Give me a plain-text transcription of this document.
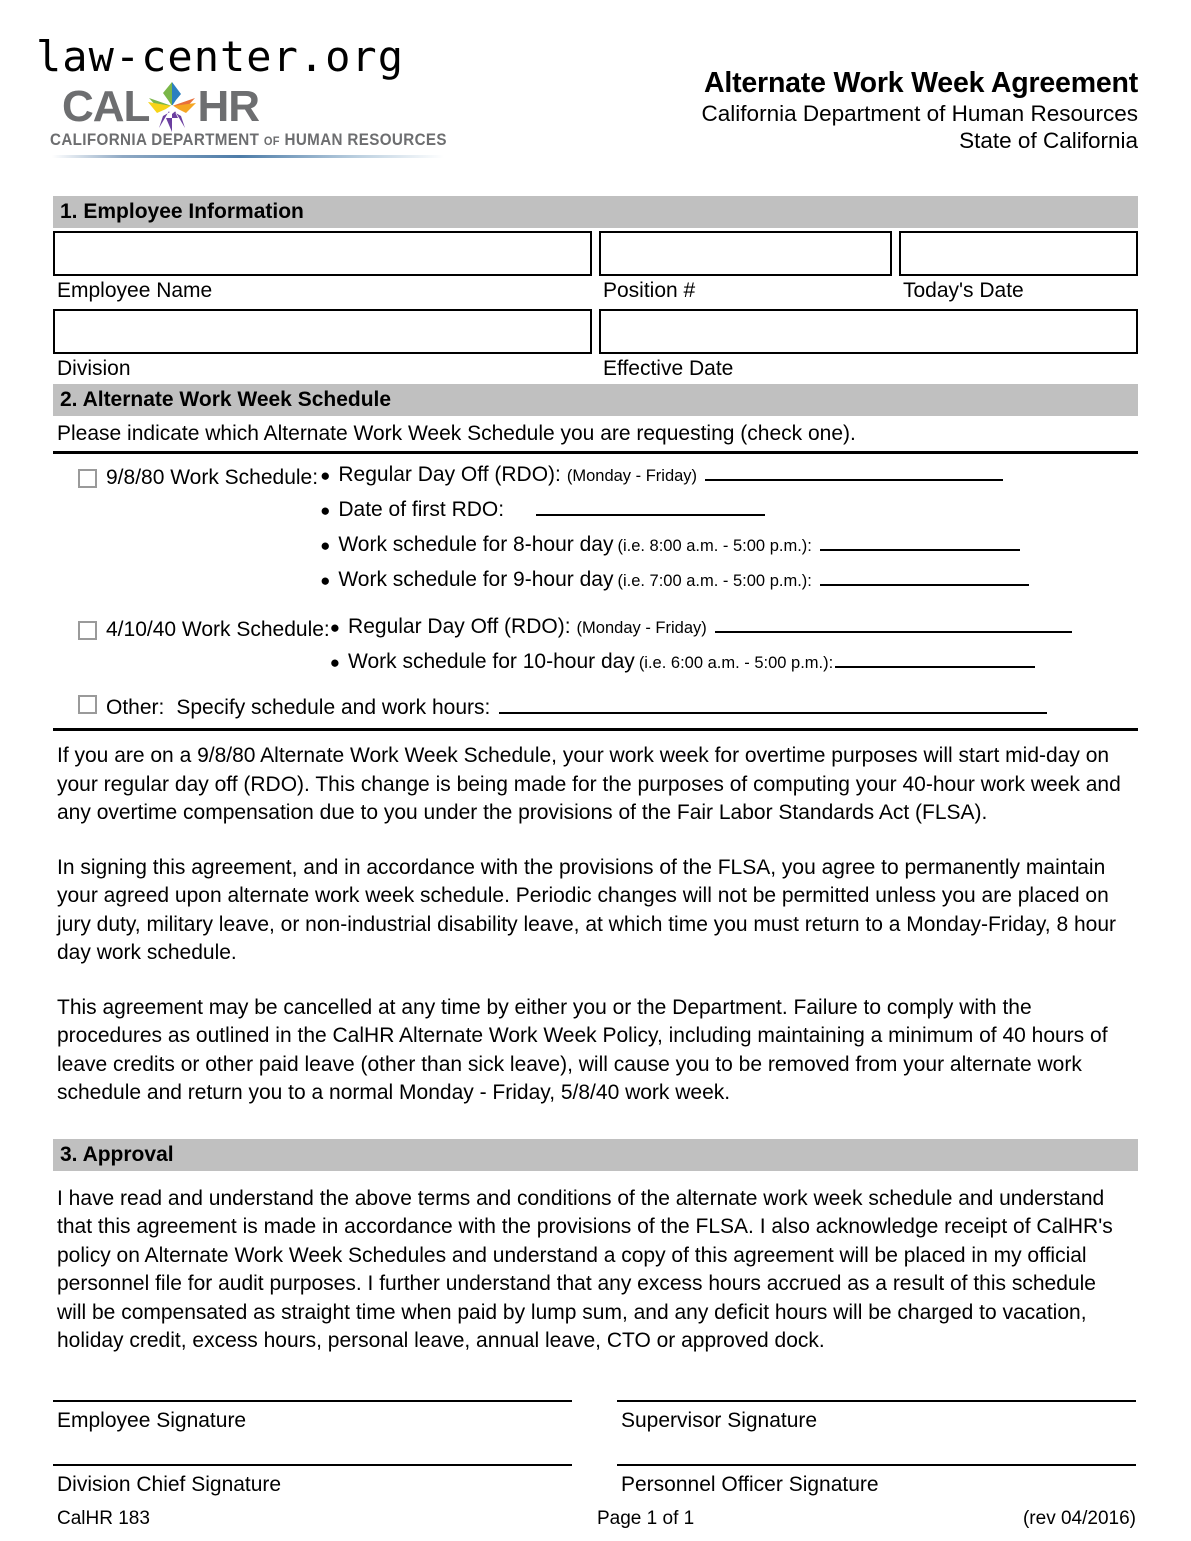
law-center.org
CAL HR
CALIFORNIA DEPARTMENT OF HUMAN RESOURCES
Alternate Work Week Agreement
California Department of Human Resources
State of California
1. Employee Information
Employee Name	Position #	Today's Date
Division	Effective Date
2. Alternate Work Week Schedule
Please indicate which Alternate Work Week Schedule you are requesting (check one).
9/8/80 Work Schedule: ● Regular Day Off (RDO): (Monday - Friday)
● Date of first RDO:
● Work schedule for 8-hour day (i.e. 8:00 a.m. - 5:00 p.m.):
● Work schedule for 9-hour day (i.e. 7:00 a.m. - 5:00 p.m.):
4/10/40 Work Schedule: ● Regular Day Off (RDO): (Monday - Friday)
● Work schedule for 10-hour day (i.e. 6:00 a.m. - 5:00 p.m.):
Other: Specify schedule and work hours:
If you are on a 9/8/80 Alternate Work Week Schedule, your work week for overtime purposes will start mid-day on your regular day off (RDO). This change is being made for the purposes of computing your 40-hour work week and any overtime compensation due to you under the provisions of the Fair Labor Standards Act (FLSA).
In signing this agreement, and in accordance with the provisions of the FLSA, you agree to permanently maintain your agreed upon alternate work week schedule. Periodic changes will not be permitted unless you are placed on jury duty, military leave, or non-industrial disability leave, at which time you must return to a Monday-Friday, 8 hour day work schedule.
This agreement may be cancelled at any time by either you or the Department. Failure to comply with the procedures as outlined in the CalHR Alternate Work Week Policy, including maintaining a minimum of 40 hours of leave credits or other paid leave (other than sick leave), will cause you to be removed from your alternate work schedule and return you to a normal Monday - Friday, 5/8/40 work week.
3. Approval
I have read and understand the above terms and conditions of the alternate work week schedule and understand that this agreement is made in accordance with the provisions of the FLSA. I also acknowledge receipt of CalHR's policy on Alternate Work Week Schedules and understand a copy of this agreement will be placed in my official personnel file for audit purposes. I further understand that any excess hours accrued as a result of this schedule will be compensated as straight time when paid by lump sum, and any deficit hours will be charged to vacation, holiday credit, excess hours, personal leave, annual leave, CTO or approved dock.
Employee Signature	Supervisor Signature
Division Chief Signature	Personnel Officer Signature
CalHR 183	Page 1 of 1	(rev 04/2016)
